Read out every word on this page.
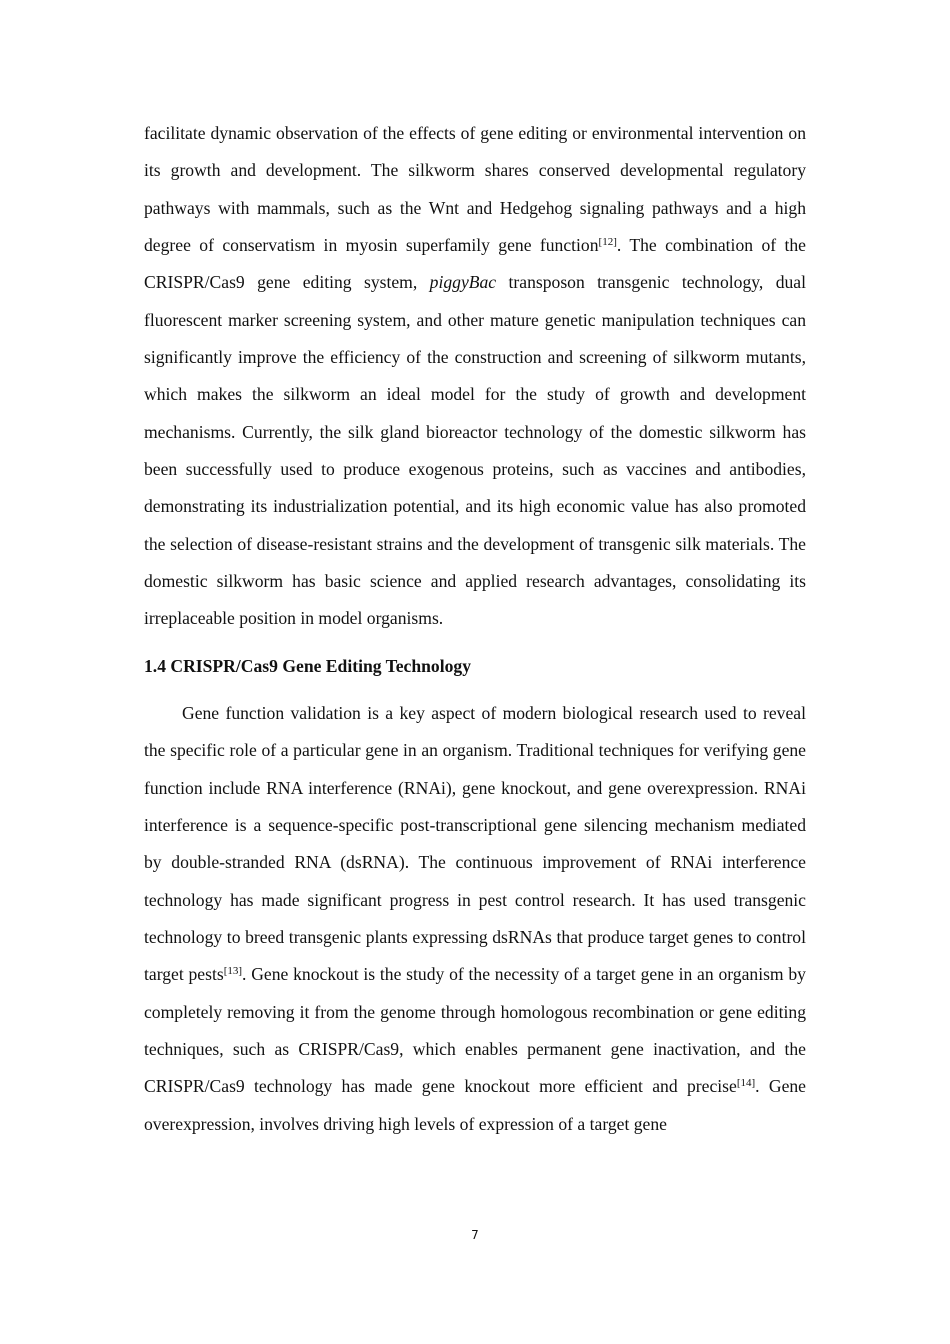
facilitate dynamic observation of the effects of gene editing or environmental intervention on its growth and development. The silkworm shares conserved developmental regulatory pathways with mammals, such as the Wnt and Hedgehog signaling pathways and a high degree of conservatism in myosin superfamily gene function[12]. The combination of the CRISPR/Cas9 gene editing system, piggyBac transposon transgenic technology, dual fluorescent marker screening system, and other mature genetic manipulation techniques can significantly improve the efficiency of the construction and screening of silkworm mutants, which makes the silkworm an ideal model for the study of growth and development mechanisms. Currently, the silk gland bioreactor technology of the domestic silkworm has been successfully used to produce exogenous proteins, such as vaccines and antibodies, demonstrating its industrialization potential, and its high economic value has also promoted the selection of disease-resistant strains and the development of transgenic silk materials. The domestic silkworm has basic science and applied research advantages, consolidating its irreplaceable position in model organisms.

1.4 CRISPR/Cas9 Gene Editing Technology

Gene function validation is a key aspect of modern biological research used to reveal the specific role of a particular gene in an organism. Traditional techniques for verifying gene function include RNA interference (RNAi), gene knockout, and gene overexpression. RNAi interference is a sequence-specific post-transcriptional gene silencing mechanism mediated by double-stranded RNA (dsRNA). The continuous improvement of RNAi interference technology has made significant progress in pest control research. It has used transgenic technology to breed transgenic plants expressing dsRNAs that produce target genes to control target pests[13]. Gene knockout is the study of the necessity of a target gene in an organism by completely removing it from the genome through homologous recombination or gene editing techniques, such as CRISPR/Cas9, which enables permanent gene inactivation, and the CRISPR/Cas9 technology has made gene knockout more efficient and precise[14]. Gene overexpression, involves driving high levels of expression of a target gene

7
